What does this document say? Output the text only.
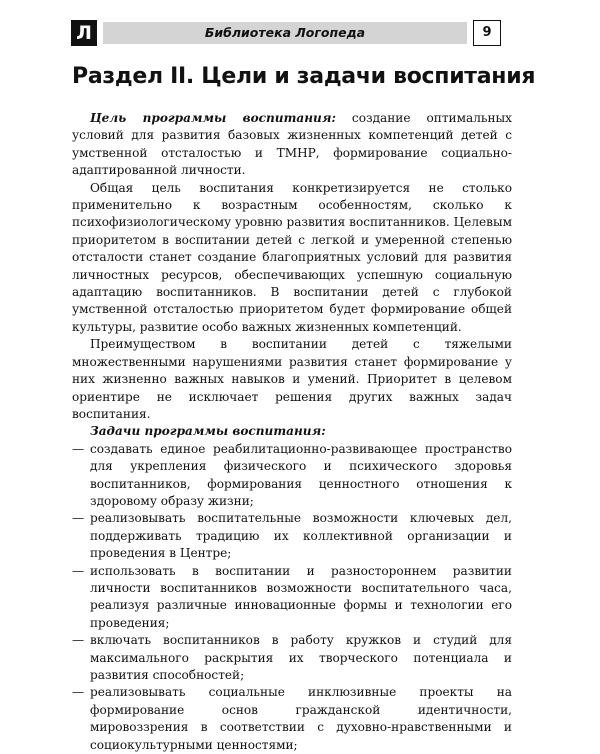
Л	Библиотека Логопеда	9
Раздел II. Цели и задачи воспитания

Цель программы воспитания: создание оптимальных условий для развития базовых жизненных компетенций детей с умственной отсталостью и ТМНР, формирование социально-адаптированной личности.

Общая цель воспитания конкретизируется не столько применительно к возрастным особенностям, сколько к психофизиологическому уровню развития воспитанников. Целевым приоритетом в воспитании детей с легкой и умеренной степенью отсталости станет создание благоприятных условий для развития личностных ресурсов, обеспечивающих успешную социальную адаптацию воспитанников. В воспитании детей с глубокой умственной отсталостью приоритетом будет формирование общей культуры, развитие особо важных жизненных компетенций.

Преимуществом в воспитании детей с тяжелыми множественными нарушениями развития станет формирование у них жизненно важных навыков и умений. Приоритет в целевом ориентире не исключает решения других важных задач воспитания.

Задачи программы воспитания:

— создавать единое реабилитационно-развивающее пространство для укрепления физического и психического здоровья воспитанников, формирования ценностного отношения к здоровому образу жизни;
— реализовывать воспитательные возможности ключевых дел, поддерживать традицию их коллективной организации и проведения в Центре;
— использовать в воспитании и разностороннем развитии личности воспитанников возможности воспитательного часа, реализуя различные инновационные формы и технологии его проведения;
— включать воспитанников в работу кружков и студий для максимального раскрытия их творческого потенциала и развития способностей;
— реализовывать социальные инклюзивные проекты на формирование основ гражданской идентичности, мировоззрения в соответствии с духовно-нравственными и социокультурными ценностями;
